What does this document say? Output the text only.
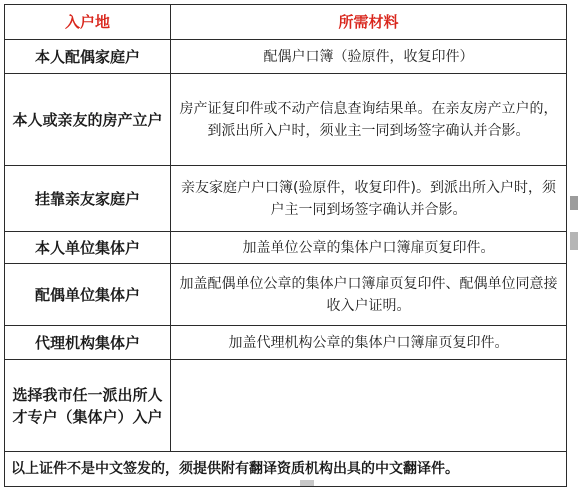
入户地	所需材料
本人配偶家庭户	配偶户口簿（验原件，收复印件）
本人或亲友的房产立户	房产证复印件或不动产信息查询结果单。在亲友房产立户的，到派出所入户时，须业主一同到场签字确认并合影。
挂靠亲友家庭户	亲友家庭户户口簿(验原件，收复印件)。到派出所入户时，须户主一同到场签字确认并合影。
本人单位集体户	加盖单位公章的集体户口簿扉页复印件。
配偶单位集体户	加盖配偶单位公章的集体户口簿扉页复印件、配偶单位同意接收入户证明。
代理机构集体户	加盖代理机构公章的集体户口簿扉页复印件。
选择我市任一派出所人才专户（集体户）入户	
以上证件不是中文签发的，须提供附有翻译资质机构出具的中文翻译件。	
